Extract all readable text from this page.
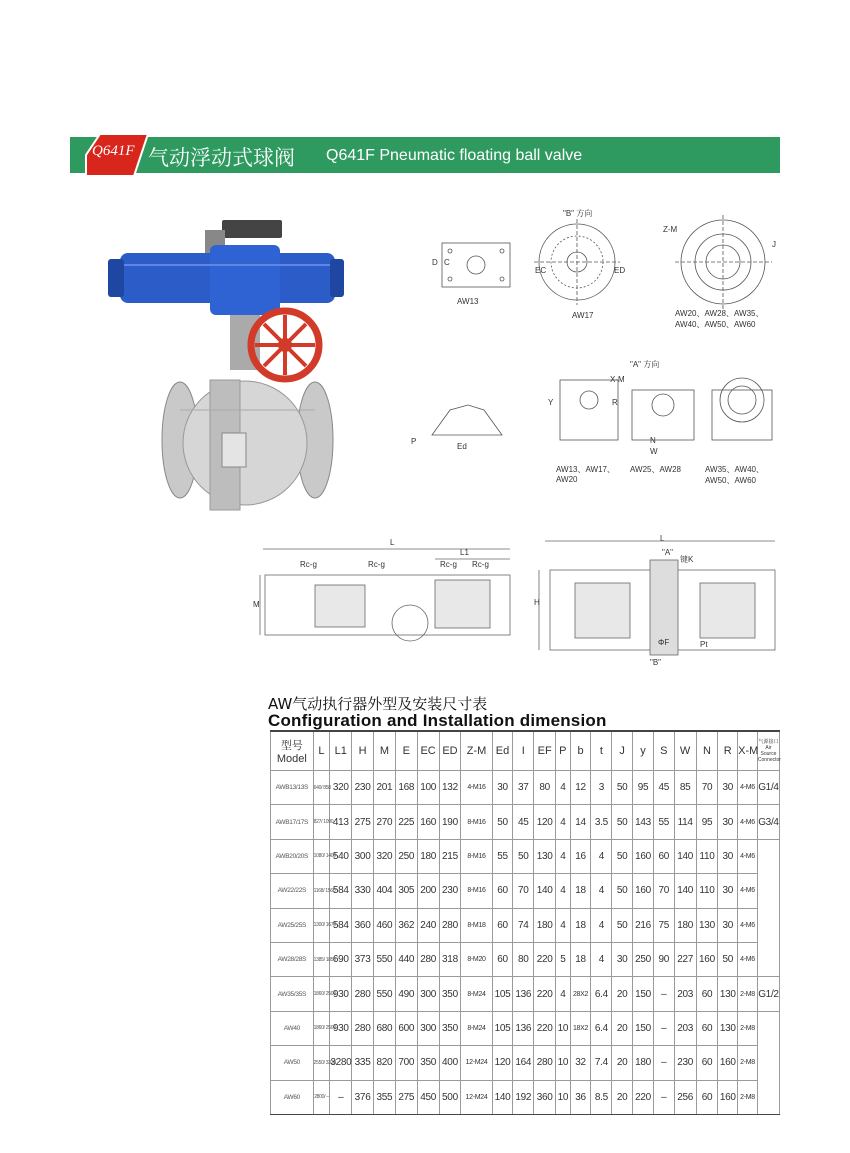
Q641F 气动浮动式球阀 Q641F Pneumatic floating ball valve
AW13
AW17	AW20、AW28、AW35、
AW40、AW50、AW60
"B" 方向
"A" 方向
Z-M
X-M
EC	ED
D C
J
P
Ed
Y	R
N
W
AW13、AW17、
AW20
AW25、AW28	AW35、AW40、
AW50、AW60
L
L1
Rc-g	Rc-g	Rc-g Rc-g
M
L
H
"A"
键K
ΦF	Pt
"B"
AW气动执行器外型及安装尺寸表
Configuration and Installation dimension
型号
Model	L	L1	H	M	E	EC	ED	Z-M	Ed	I	EF	P	b	t	J	y	S	W	N	R	X-M	气源接口 Air Source Connector
AWB13/13S	640/ 858	320	230	201	168	100	132	4-M16	30	37	80	4	12	3	50	95	45	85	70	30	4-M6	G1/4
AWB17/17S	827/ 1090	413	275	270	225	160	190	8-M16	50	45	120	4	14	3.5	50	143	55	114	95	30	4-M6	G3/4
AWB20/20S	1080/ 1400	540	300	320	250	180	215	8-M16	55	50	130	4	16	4	50	160	60	140	110	30	4-M6	
AW22/22S	1168/ 1560	584	330	404	305	200	230	8-M16	60	70	140	4	18	4	50	160	70	140	110	30	4-M6	
AW25/25S	1300/ 1670	584	360	460	362	240	280	8-M18	60	74	180	4	18	4	50	216	75	180	130	30	4-M6	
AW28/28S	1385/ 1850	690	373	550	440	280	318	8-M20	60	80	220	5	18	4	30	250	90	227	160	50	4-M6	
AW35/35S	1860/ 2500	930	280	550	490	300	350	8-M24	105	136	220	4	28X2	6.4	20	150	–	203	60	130	2-M8	G1/2
AW40	1860/ 2500	930	280	680	600	300	350	8-M24	105	136	220	10	18X2	6.4	20	150	–	203	60	130	2-M8	
AW50	2550/ 3320	3280	335	820	700	350	400	12-M24	120	164	280	10	32	7.4	20	180	–	230	60	160	2-M8	
AW60	2800/ –	–	376	355	275	450	500	12-M24	140	192	360	10	36	8.5	20	220	–	256	60	160	2-M8	
